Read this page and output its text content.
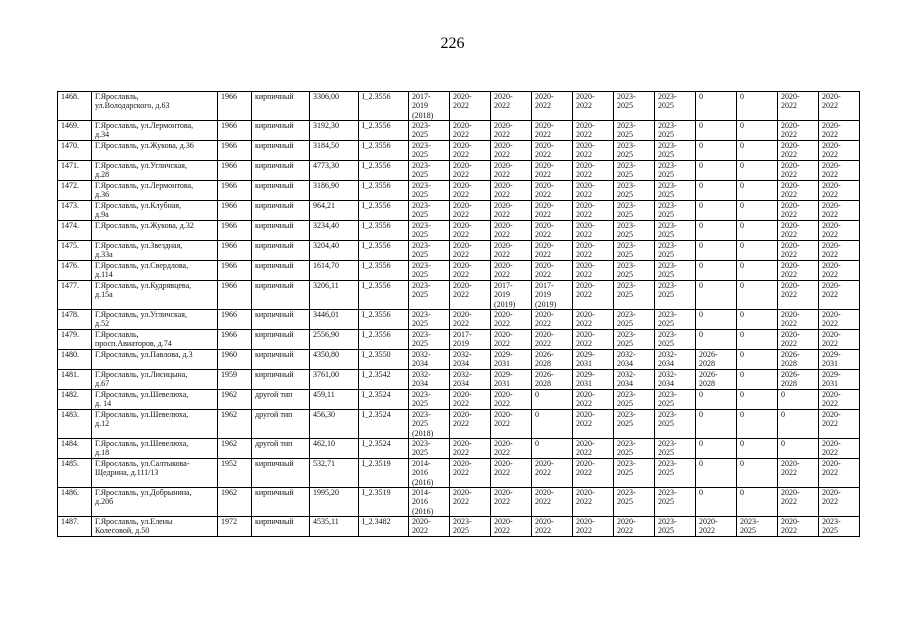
226
1468.	Г.Ярославль,
ул.Володарского, д.63	1966	кирпичный	3306,00	I_2.3556	2017-
2019
(2018)	2020-
2022	2020-
2022	2020-
2022	2020-
2022	2023-
2025	2023-
2025	0	0	2020-
2022	2020-
2022
1469.	Г.Ярославль, ул.Лермонтова,
д.34	1966	кирпичный	3192,30	I_2.3556	2023-
2025	2020-
2022	2020-
2022	2020-
2022	2020-
2022	2023-
2025	2023-
2025	0	0	2020-
2022	2020-
2022
1470.	Г.Ярославль, ул.Жукова, д.36	1966	кирпичный	3184,50	I_2.3556	2023-
2025	2020-
2022	2020-
2022	2020-
2022	2020-
2022	2023-
2025	2023-
2025	0	0	2020-
2022	2020-
2022
1471.	Г.Ярославль, ул.Угличская,
д.28	1966	кирпичный	4773,30	I_2.3556	2023-
2025	2020-
2022	2020-
2022	2020-
2022	2020-
2022	2023-
2025	2023-
2025	0	0	2020-
2022	2020-
2022
1472.	Г.Ярославль, ул.Лермонтова,
д.36	1966	кирпичный	3186,90	I_2.3556	2023-
2025	2020-
2022	2020-
2022	2020-
2022	2020-
2022	2023-
2025	2023-
2025	0	0	2020-
2022	2020-
2022
1473.	Г.Ярославль, ул.Клубная,
д.9а	1966	кирпичный	964,21	I_2.3556	2023-
2025	2020-
2022	2020-
2022	2020-
2022	2020-
2022	2023-
2025	2023-
2025	0	0	2020-
2022	2020-
2022
1474.	Г.Ярославль, ул.Жукова, д.32	1966	кирпичный	3234,40	I_2.3556	2023-
2025	2020-
2022	2020-
2022	2020-
2022	2020-
2022	2023-
2025	2023-
2025	0	0	2020-
2022	2020-
2022
1475.	Г.Ярославль, ул.Звездная,
д.33а	1966	кирпичный	3204,40	I_2.3556	2023-
2025	2020-
2022	2020-
2022	2020-
2022	2020-
2022	2023-
2025	2023-
2025	0	0	2020-
2022	2020-
2022
1476.	Г.Ярославль, ул.Свердлова,
д.114	1966	кирпичный	1614,70	I_2.3556	2023-
2025	2020-
2022	2020-
2022	2020-
2022	2020-
2022	2023-
2025	2023-
2025	0	0	2020-
2022	2020-
2022
1477.	Г.Ярославль, ул.Кудрявцева,
д.15а	1966	кирпичный	3206,11	I_2.3556	2023-
2025	2020-
2022	2017-
2019
(2019)	2017-
2019
(2019)	2020-
2022	2023-
2025	2023-
2025	0	0	2020-
2022	2020-
2022
1478.	Г.Ярославль, ул.Угличская,
д.52	1966	кирпичный	3446,01	I_2.3556	2023-
2025	2020-
2022	2020-
2022	2020-
2022	2020-
2022	2023-
2025	2023-
2025	0	0	2020-
2022	2020-
2022
1479.	Г.Ярославль,
просп.Авиаторов, д.74	1966	кирпичный	2556,90	I_2.3556	2023-
2025	2017-
2019	2020-
2022	2020-
2022	2020-
2022	2023-
2025	2023-
2025	0	0	2020-
2022	2020-
2022
1480.	Г.Ярославль, ул.Павлова, д.3	1960	кирпичный	4350,80	I_2.3550	2032-
2034	2032-
2034	2029-
2031	2026-
2028	2029-
2031	2032-
2034	2032-
2034	2026-
2028	0	2026-
2028	2029-
2031
1481.	Г.Ярославль, ул.Лисицына,
д.67	1959	кирпичный	3761,00	I_2.3542	2032-
2034	2032-
2034	2029-
2031	2026-
2028	2029-
2031	2032-
2034	2032-
2034	2026-
2028	0	2026-
2028	2029-
2031
1482.	Г.Ярославль, ул.Шевелюха,
д. 14	1962	другой тип	459,11	I_2.3524	2023-
2025	2020-
2022	2020-
2022	0	2020-
2022	2023-
2025	2023-
2025	0	0	0	2020-
2022
1483.	Г.Ярославль, ул.Шевелюха,
д.12	1962	другой тип	456,30	I_2.3524	2023-
2025
(2018)	2020-
2022	2020-
2022	0	2020-
2022	2023-
2025	2023-
2025	0	0	0	2020-
2022
1484.	Г.Ярославль, ул.Шевелюха,
д.18	1962	другой тип	462,10	I_2.3524	2023-
2025	2020-
2022	2020-
2022	0	2020-
2022	2023-
2025	2023-
2025	0	0	0	2020-
2022
1485.	Г.Ярославль, ул.Салтыкова-
Щедрина, д.111/13	1952	кирпичный	532,71	I_2.3519	2014-
2016
(2016)	2020-
2022	2020-
2022	2020-
2022	2020-
2022	2023-
2025	2023-
2025	0	0	2020-
2022	2020-
2022
1486.	Г.Ярославль, ул.Добрынина,
д.20б	1962	кирпичный	1995,20	I_2.3519	2014-
2016
(2016)	2020-
2022	2020-
2022	2020-
2022	2020-
2022	2023-
2025	2023-
2025	0	0	2020-
2022	2020-
2022
1487.	Г.Ярославль, ул.Елены
Колесовой, д.50	1972	кирпичный	4535,11	I_2.3482	2020-
2022	2023-
2025	2020-
2022	2020-
2022	2020-
2022	2020-
2022	2023-
2025	2020-
2022	2023-
2025	2020-
2022	2023-
2025
